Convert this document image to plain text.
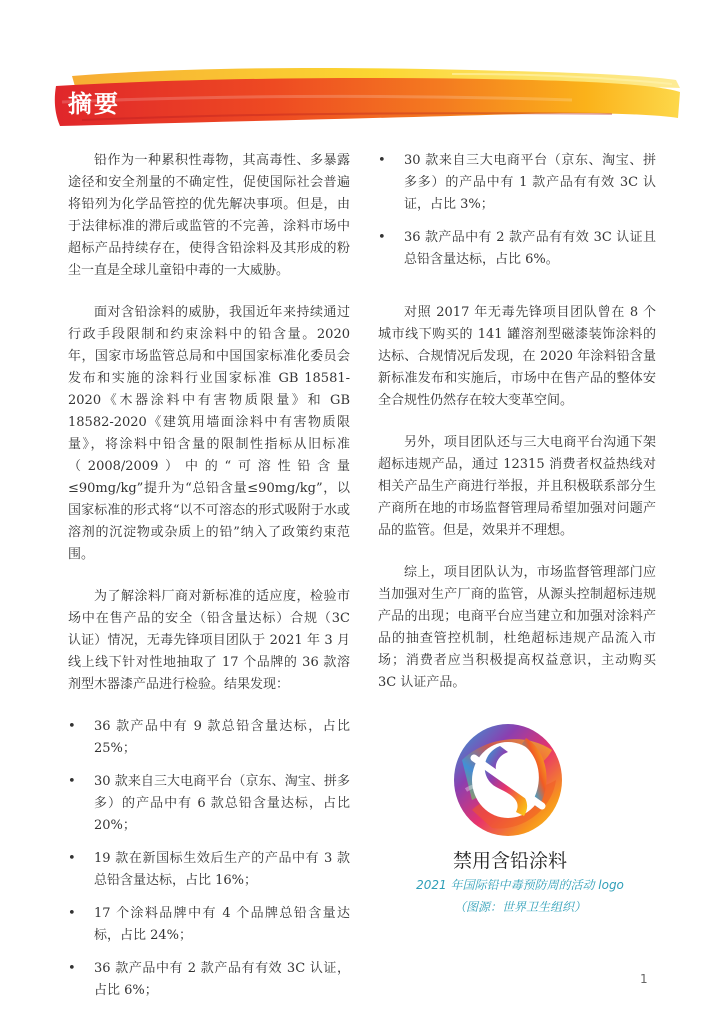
摘要

铅作为一种累积性毒物，其高毒性、多暴露途径和安全剂量的不确定性，促使国际社会普遍将铅列为化学品管控的优先解决事项。但是，由于法律标准的滞后或监管的不完善，涂料市场中超标产品持续存在，使得含铅涂料及其形成的粉尘一直是全球儿童铅中毒的一大威胁。

面对含铅涂料的威胁，我国近年来持续通过行政手段限制和约束涂料中的铅含量。2020 年，国家市场监管总局和中国国家标准化委员会发布和实施的涂料行业国家标准 GB 18581-2020《木器涂料中有害物质限量》和 GB 18582-2020《建筑用墙面涂料中有害物质限量》，将涂料中铅含量的限制性指标从旧标准（2008/2009）中的“可溶性铅含量≤90mg/kg”提升为“总铅含量≤90mg/kg”，以国家标准的形式将“以不可溶态的形式吸附于水或溶剂的沉淀物或杂质上的铅”纳入了政策约束范围。

为了解涂料厂商对新标准的适应度，检验市场中在售产品的安全（铅含量达标）合规（3C 认证）情况，无毒先锋项目团队于 2021 年 3 月线上线下针对性地抽取了 17 个品牌的 36 款溶剂型木器漆产品进行检验。结果发现：

• 36 款产品中有 9 款总铅含量达标，占比 25%；
• 30 款来自三大电商平台（京东、淘宝、拼多多）的产品中有 6 款总铅含量达标，占比 20%；
• 19 款在新国标生效后生产的产品中有 3 款总铅含量达标，占比 16%；
• 17 个涂料品牌中有 4 个品牌总铅含量达标，占比 24%；
• 36 款产品中有 2 款产品有有效 3C 认证，占比 6%；
• 30 款来自三大电商平台（京东、淘宝、拼多多）的产品中有 1 款产品有有效 3C 认证，占比 3%；
• 36 款产品中有 2 款产品有有效 3C 认证且总铅含量达标，占比 6%。

对照 2017 年无毒先锋项目团队曾在 8 个城市线下购买的 141 罐溶剂型磁漆装饰涂料的达标、合规情况后发现，在 2020 年涂料铅含量新标准发布和实施后，市场中在售产品的整体安全合规性仍然存在较大变革空间。

另外，项目团队还与三大电商平台沟通下架超标违规产品，通过 12315 消费者权益热线对相关产品生产商进行举报，并且积极联系部分生产商所在地的市场监督管理局希望加强对问题产品的监管。但是，效果并不理想。

综上，项目团队认为，市场监督管理部门应当加强对生产厂商的监管，从源头控制超标违规产品的出现；电商平台应当建立和加强对涂料产品的抽查管控机制，杜绝超标违规产品流入市场；消费者应当积极提高权益意识，主动购买 3C 认证产品。

禁用含铅涂料
2021 年国际铅中毒预防周的活动 logo
（图源：世界卫生组织）
1
